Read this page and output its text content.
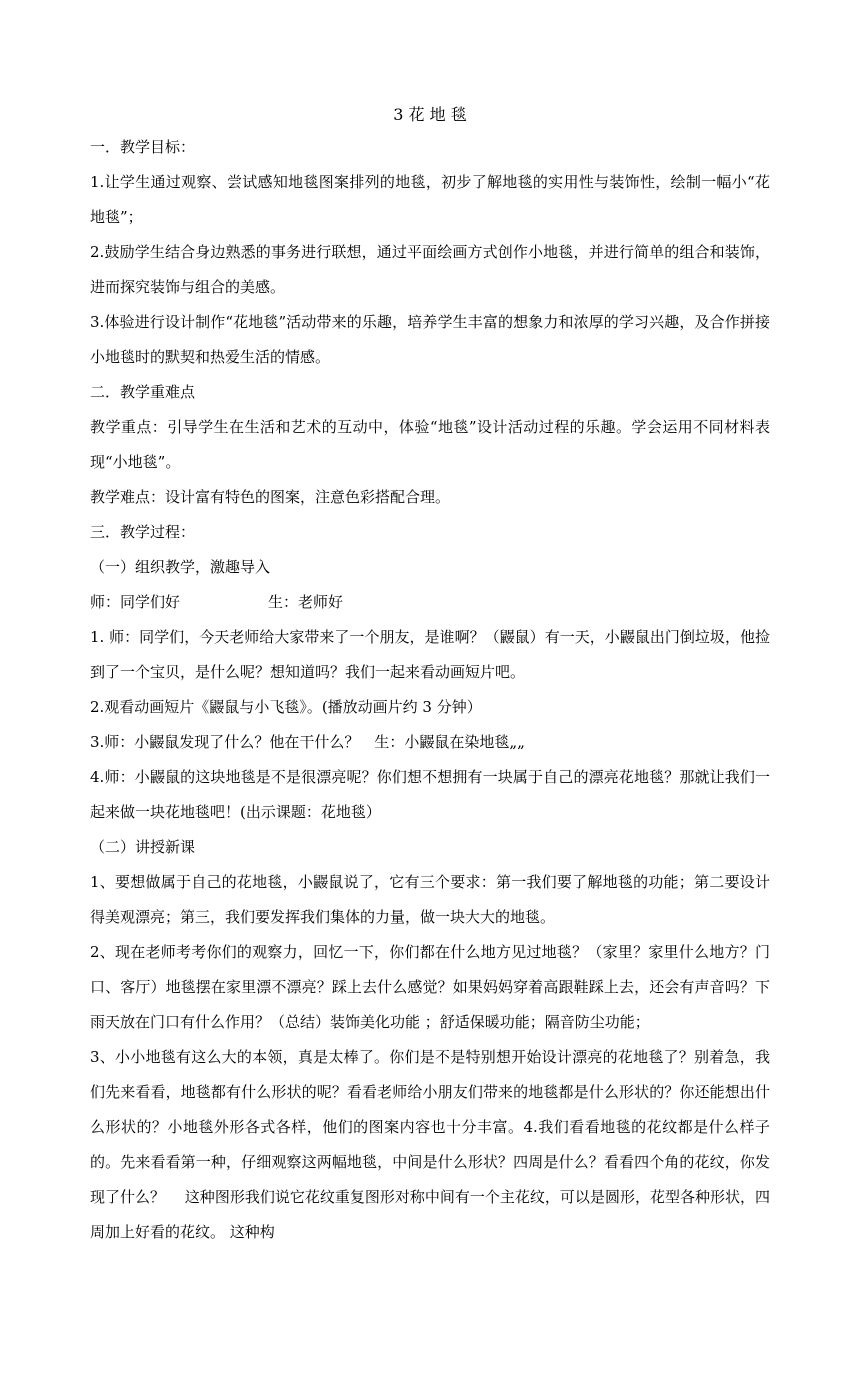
3 花 地 毯

一．教学目标：

1.让学生通过观察、尝试感知地毯图案排列的地毯，初步了解地毯的实用性与装饰性，绘制一幅小“花地毯”；

2.鼓励学生结合身边熟悉的事务进行联想，通过平面绘画方式创作小地毯，并进行简单的组合和装饰，进而探究装饰与组合的美感。

3.体验进行设计制作“花地毯”活动带来的乐趣，培养学生丰富的想象力和浓厚的学习兴趣，及合作拼接小地毯时的默契和热爱生活的情感。

二．教学重难点

教学重点：引导学生在生活和艺术的互动中，体验“地毯”设计活动过程的乐趣。学会运用不同材料表现“小地毯”。

教学难点：设计富有特色的图案，注意色彩搭配合理。

三．教学过程：

（一）组织教学，激趣导入

师：同学们好	生：老师好

1. 师：同学们，今天老师给大家带来了一个朋友，是谁啊？（鼹鼠）有一天，小鼹鼠出门倒垃圾，他捡到了一个宝贝，是什么呢？想知道吗？我们一起来看动画短片吧。

2.观看动画短片《鼹鼠与小飞毯》。(播放动画片约 3 分钟）

3.师：小鼹鼠发现了什么？他在干什么？　生：小鼹鼠在染地毯„„

4.师：小鼹鼠的这块地毯是不是很漂亮呢？你们想不想拥有一块属于自己的漂亮花地毯？那就让我们一起来做一块花地毯吧！(出示课题：花地毯）

（二）讲授新课

1、要想做属于自己的花地毯，小鼹鼠说了，它有三个要求：第一我们要了解地毯的功能；第二要设计得美观漂亮；第三，我们要发挥我们集体的力量，做一块大大的地毯。

2、现在老师考考你们的观察力，回忆一下，你们都在什么地方见过地毯？（家里？家里什么地方？门口、客厅）地毯摆在家里漂不漂亮？踩上去什么感觉？如果妈妈穿着高跟鞋踩上去，还会有声音吗？下雨天放在门口有什么作用？（总结）装饰美化功能 ；舒适保暖功能；隔音防尘功能；

3、小小地毯有这么大的本领，真是太棒了。你们是不是特别想开始设计漂亮的花地毯了？别着急，我们先来看看，地毯都有什么形状的呢？看看老师给小朋友们带来的地毯都是什么形状的？你还能想出什么形状的？小地毯外形各式各样，他们的图案内容也十分丰富。4.我们看看地毯的花纹都是什么样子的。先来看看第一种，仔细观察这两幅地毯，中间是什么形状？四周是什么？看看四个角的花纹，你发现了什么？　 这种图形我们说它花纹重复图形对称中间有一个主花纹，可以是圆形，花型各种形状，四周加上好看的花纹。 这种构
